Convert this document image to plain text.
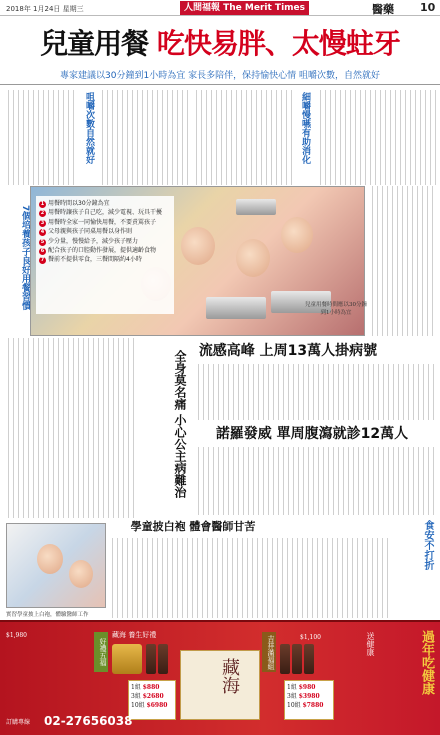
2018年 1月24日 星期三	人間福報 The Merit Times	醫藥 10
兒童用餐 吃快易胖、太慢蛀牙
專家建議以30分鐘到1小時為宜 家長多陪伴，保持愉快心情 咀嚼次數，自然就好
咀嚼次數自然就好	細嚼慢嚥有助消化
7個培養孩子良好用餐習慣
1 用餐時間以30分鐘為宜
2 用餐時讓孩子自己吃，減少電視、玩具干擾
3 用餐時全家一同愉快用餐，不要責罵孩子
4 父母親與孩子同桌用餐以身作則
5 少分量，慢慢給予，減少孩子壓力
6 配合孩子的口腔動作發展，提供適齡食物
7 餐前不提供零食，三餐間隔約4小時
兒童用餐時間應以30分鐘到1小時為宜
全身莫名痛 小心公主病難治 流感高峰 上周13萬人掛病號
諾羅發威 單周腹瀉就診12萬人
學童披白袍 體會醫師甘苦
實習學童披上白袍，體驗醫師工作
食安不打折
藏海 養生好禮
好禮五福
1組 $880
3組 $2680
10組 $6980
$1,980
藏海
吉祥滿福組	$1,100
1組 $980
3組 $3980
10組 $7880
送健康	過年吃健康
訂購專線 02-27656038
